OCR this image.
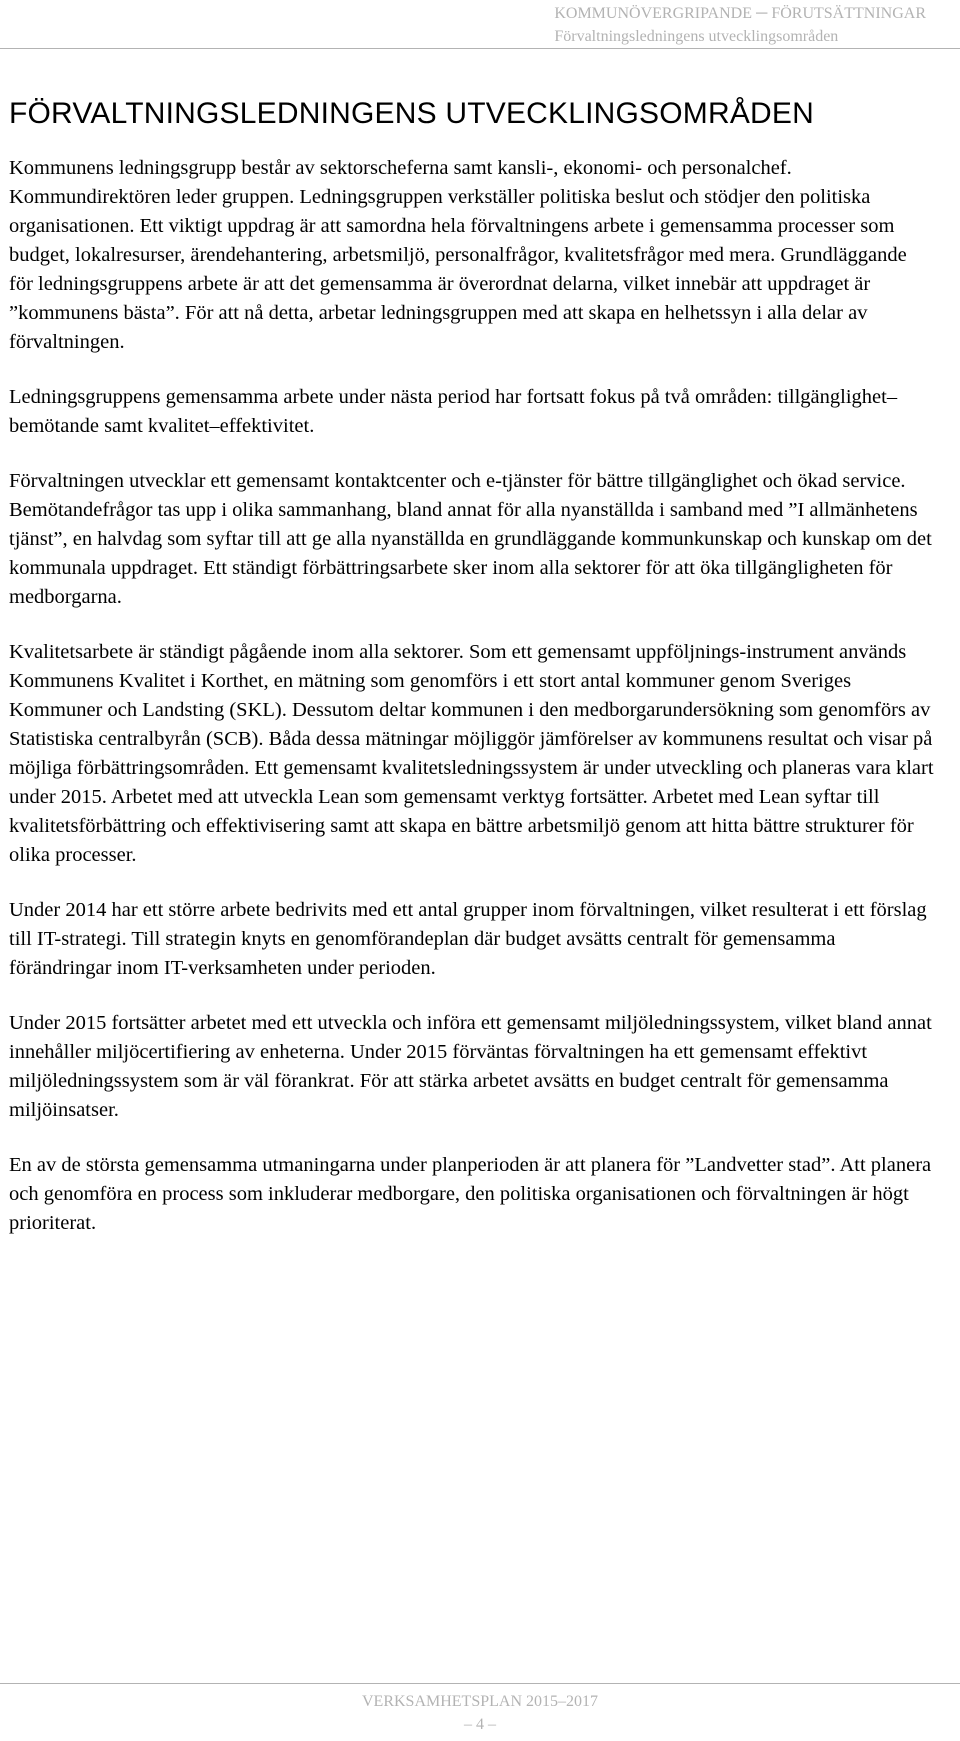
KOMMUNÖVERGRIPANDE ─ FÖRUTSÄTTNINGAR
Förvaltningsledningens utvecklingsområden
FÖRVALTNINGSLEDNINGENS UTVECKLINGSOMRÅDEN

Kommunens ledningsgrupp består av sektorscheferna samt kansli-, ekonomi- och personalchef. Kommundirektören leder gruppen. Ledningsgruppen verkställer politiska beslut och stödjer den politiska organisationen. Ett viktigt uppdrag är att samordna hela förvaltningens arbete i gemensamma processer som budget, lokalresurser, ärendehantering, arbetsmiljö, personalfrågor, kvalitetsfrågor med mera. Grundläggande för ledningsgruppens arbete är att det gemensamma är överordnat delarna, vilket innebär att uppdraget är ”kommunens bästa”. För att nå detta, arbetar ledningsgruppen med att skapa en helhetssyn i alla delar av förvaltningen.

Ledningsgruppens gemensamma arbete under nästa period har fortsatt fokus på två områden: tillgänglighet–bemötande samt kvalitet–effektivitet.

Förvaltningen utvecklar ett gemensamt kontaktcenter och e-tjänster för bättre tillgänglighet och ökad service. Bemötandefrågor tas upp i olika sammanhang, bland annat för alla nyanställda i samband med ”I allmänhetens tjänst”, en halvdag som syftar till att ge alla nyanställda en grundläggande kommunkunskap och kunskap om det kommunala uppdraget. Ett ständigt förbättringsarbete sker inom alla sektorer för att öka tillgängligheten för medborgarna.

Kvalitetsarbete är ständigt pågående inom alla sektorer. Som ett gemensamt uppföljnings-instrument används Kommunens Kvalitet i Korthet, en mätning som genomförs i ett stort antal kommuner genom Sveriges Kommuner och Landsting (SKL). Dessutom deltar kommunen i den medborgarundersökning som genomförs av Statistiska centralbyrån (SCB). Båda dessa mätningar möjliggör jämförelser av kommunens resultat och visar på möjliga förbättringsområden. Ett gemensamt kvalitetsledningssystem är under utveckling och planeras vara klart under 2015. Arbetet med att utveckla Lean som gemensamt verktyg fortsätter. Arbetet med Lean syftar till kvalitetsförbättring och effektivisering samt att skapa en bättre arbetsmiljö genom att hitta bättre strukturer för olika processer.

Under 2014 har ett större arbete bedrivits med ett antal grupper inom förvaltningen, vilket resulterat i ett förslag till IT-strategi. Till strategin knyts en genomförandeplan där budget avsätts centralt för gemensamma förändringar inom IT-verksamheten under perioden.

Under 2015 fortsätter arbetet med ett utveckla och införa ett gemensamt miljöledningssystem, vilket bland annat innehåller miljöcertifiering av enheterna. Under 2015 förväntas förvaltningen ha ett gemensamt effektivt miljöledningssystem som är väl förankrat. För att stärka arbetet avsätts en budget centralt för gemensamma miljöinsatser.

En av de största gemensamma utmaningarna under planperioden är att planera för ”Landvetter stad”. Att planera och genomföra en process som inkluderar medborgare, den politiska organisationen och förvaltningen är högt prioriterat.

VERKSAMHETSPLAN 2015–2017
– 4 –
